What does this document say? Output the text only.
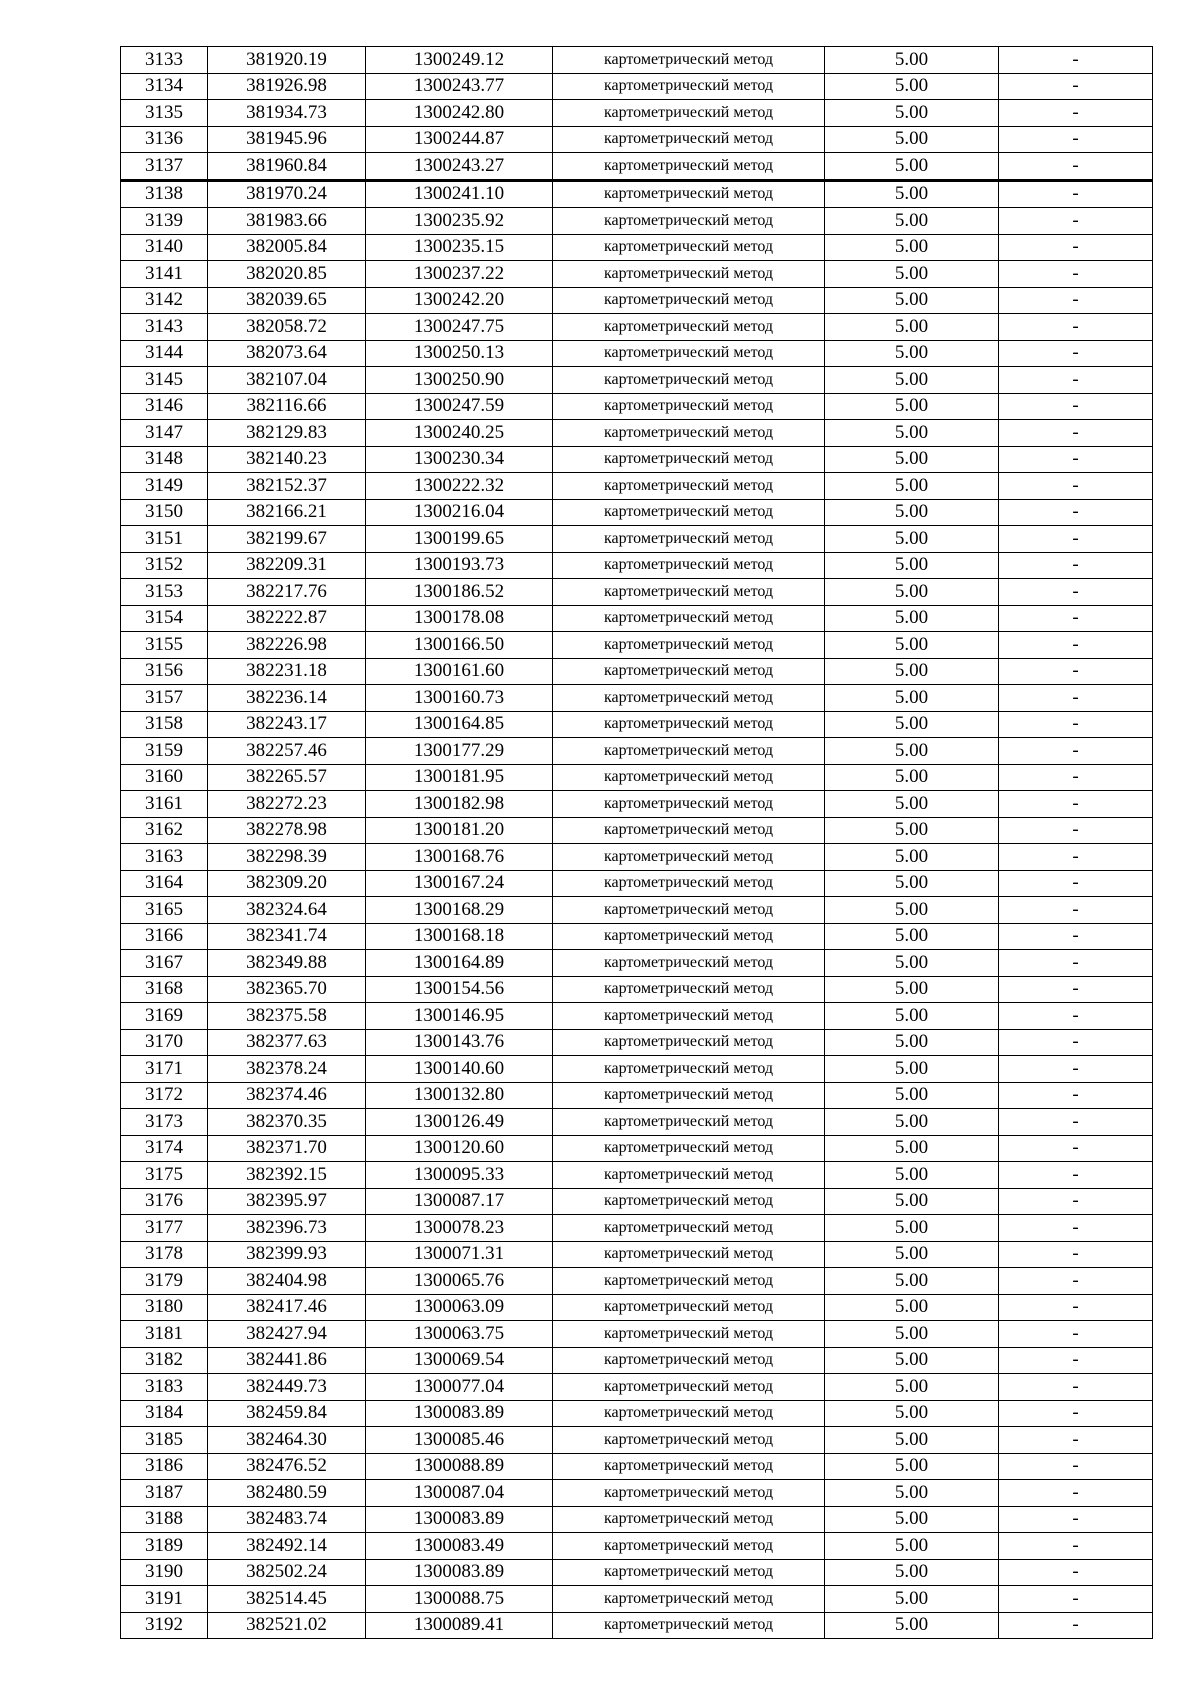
3133	381920.19	1300249.12	картометрический метод	5.00	-
3134	381926.98	1300243.77	картометрический метод	5.00	-
3135	381934.73	1300242.80	картометрический метод	5.00	-
3136	381945.96	1300244.87	картометрический метод	5.00	-
3137	381960.84	1300243.27	картометрический метод	5.00	-
3138	381970.24	1300241.10	картометрический метод	5.00	-
3139	381983.66	1300235.92	картометрический метод	5.00	-
3140	382005.84	1300235.15	картометрический метод	5.00	-
3141	382020.85	1300237.22	картометрический метод	5.00	-
3142	382039.65	1300242.20	картометрический метод	5.00	-
3143	382058.72	1300247.75	картометрический метод	5.00	-
3144	382073.64	1300250.13	картометрический метод	5.00	-
3145	382107.04	1300250.90	картометрический метод	5.00	-
3146	382116.66	1300247.59	картометрический метод	5.00	-
3147	382129.83	1300240.25	картометрический метод	5.00	-
3148	382140.23	1300230.34	картометрический метод	5.00	-
3149	382152.37	1300222.32	картометрический метод	5.00	-
3150	382166.21	1300216.04	картометрический метод	5.00	-
3151	382199.67	1300199.65	картометрический метод	5.00	-
3152	382209.31	1300193.73	картометрический метод	5.00	-
3153	382217.76	1300186.52	картометрический метод	5.00	-
3154	382222.87	1300178.08	картометрический метод	5.00	-
3155	382226.98	1300166.50	картометрический метод	5.00	-
3156	382231.18	1300161.60	картометрический метод	5.00	-
3157	382236.14	1300160.73	картометрический метод	5.00	-
3158	382243.17	1300164.85	картометрический метод	5.00	-
3159	382257.46	1300177.29	картометрический метод	5.00	-
3160	382265.57	1300181.95	картометрический метод	5.00	-
3161	382272.23	1300182.98	картометрический метод	5.00	-
3162	382278.98	1300181.20	картометрический метод	5.00	-
3163	382298.39	1300168.76	картометрический метод	5.00	-
3164	382309.20	1300167.24	картометрический метод	5.00	-
3165	382324.64	1300168.29	картометрический метод	5.00	-
3166	382341.74	1300168.18	картометрический метод	5.00	-
3167	382349.88	1300164.89	картометрический метод	5.00	-
3168	382365.70	1300154.56	картометрический метод	5.00	-
3169	382375.58	1300146.95	картометрический метод	5.00	-
3170	382377.63	1300143.76	картометрический метод	5.00	-
3171	382378.24	1300140.60	картометрический метод	5.00	-
3172	382374.46	1300132.80	картометрический метод	5.00	-
3173	382370.35	1300126.49	картометрический метод	5.00	-
3174	382371.70	1300120.60	картометрический метод	5.00	-
3175	382392.15	1300095.33	картометрический метод	5.00	-
3176	382395.97	1300087.17	картометрический метод	5.00	-
3177	382396.73	1300078.23	картометрический метод	5.00	-
3178	382399.93	1300071.31	картометрический метод	5.00	-
3179	382404.98	1300065.76	картометрический метод	5.00	-
3180	382417.46	1300063.09	картометрический метод	5.00	-
3181	382427.94	1300063.75	картометрический метод	5.00	-
3182	382441.86	1300069.54	картометрический метод	5.00	-
3183	382449.73	1300077.04	картометрический метод	5.00	-
3184	382459.84	1300083.89	картометрический метод	5.00	-
3185	382464.30	1300085.46	картометрический метод	5.00	-
3186	382476.52	1300088.89	картометрический метод	5.00	-
3187	382480.59	1300087.04	картометрический метод	5.00	-
3188	382483.74	1300083.89	картометрический метод	5.00	-
3189	382492.14	1300083.49	картометрический метод	5.00	-
3190	382502.24	1300083.89	картометрический метод	5.00	-
3191	382514.45	1300088.75	картометрический метод	5.00	-
3192	382521.02	1300089.41	картометрический метод	5.00	-
